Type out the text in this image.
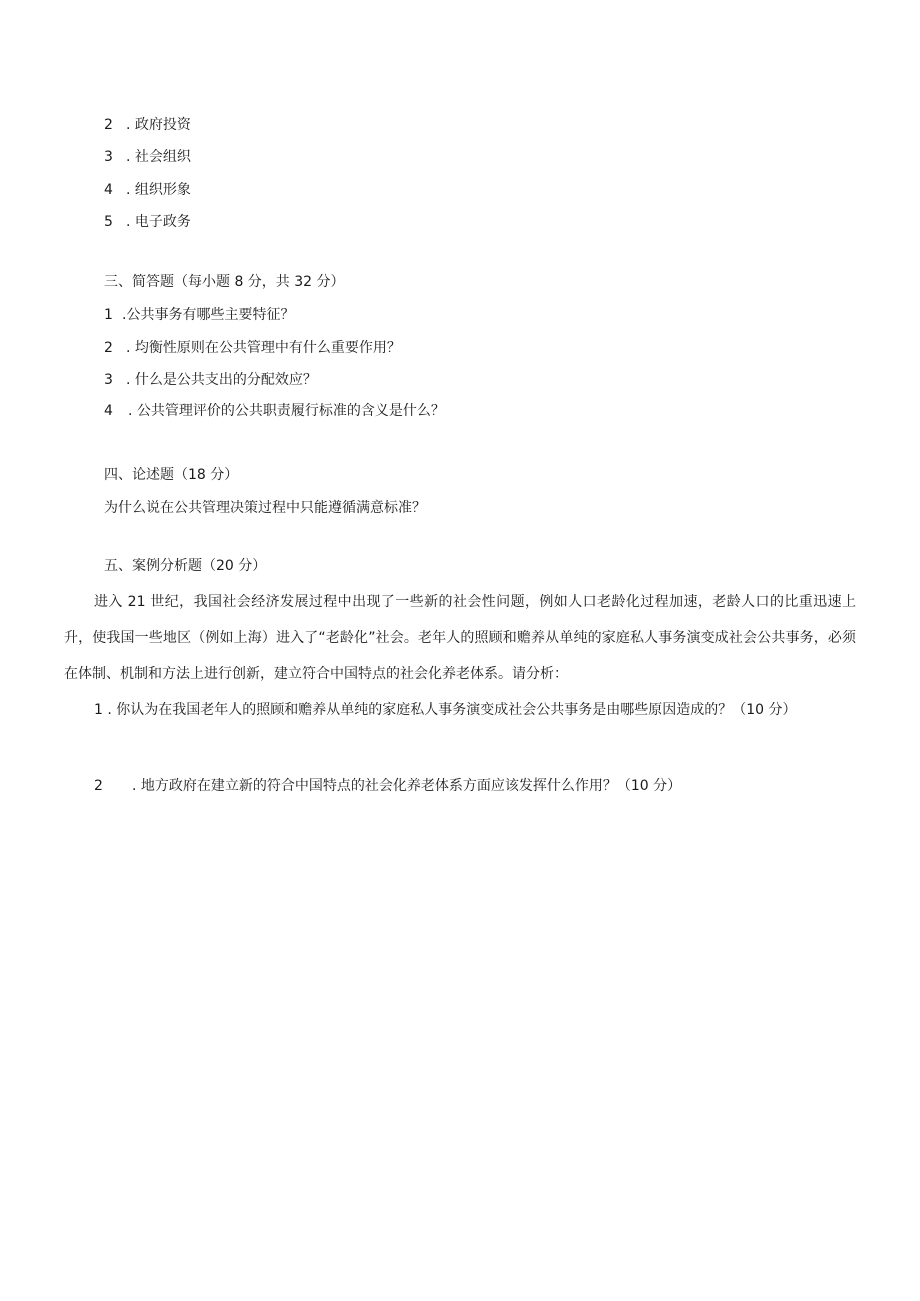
2 . 政府投资
3 . 社会组织
4 . 组织形象
5 . 电子政务
三、简答题（每小题 8 分，共 32 分）
1 .公共事务有哪些主要特征？
2 . 均衡性原则在公共管理中有什么重要作用？
3 . 什么是公共支出的分配效应？
4 . 公共管理评价的公共职责履行标准的含义是什么？
四、论述题（18 分）
为什么说在公共管理决策过程中只能遵循满意标准？
五、案例分析题（20 分）
进入 21 世纪，我国社会经济发展过程中出现了一些新的社会性问题，例如人口老龄化过程加速，老龄人口的比重迅速上升，使我国一些地区（例如上海）进入了“老龄化”社会。老年人的照顾和赡养从单纯的家庭私人事务演变成社会公共事务，必须在体制、机制和方法上进行创新，建立符合中国特点的社会化养老体系。请分析：
1 . 你认为在我国老年人的照顾和赡养从单纯的家庭私人事务演变成社会公共事务是由哪些原因造成的？（10 分）
2 . 地方政府在建立新的符合中国特点的社会化养老体系方面应该发挥什么作用？（10 分）
